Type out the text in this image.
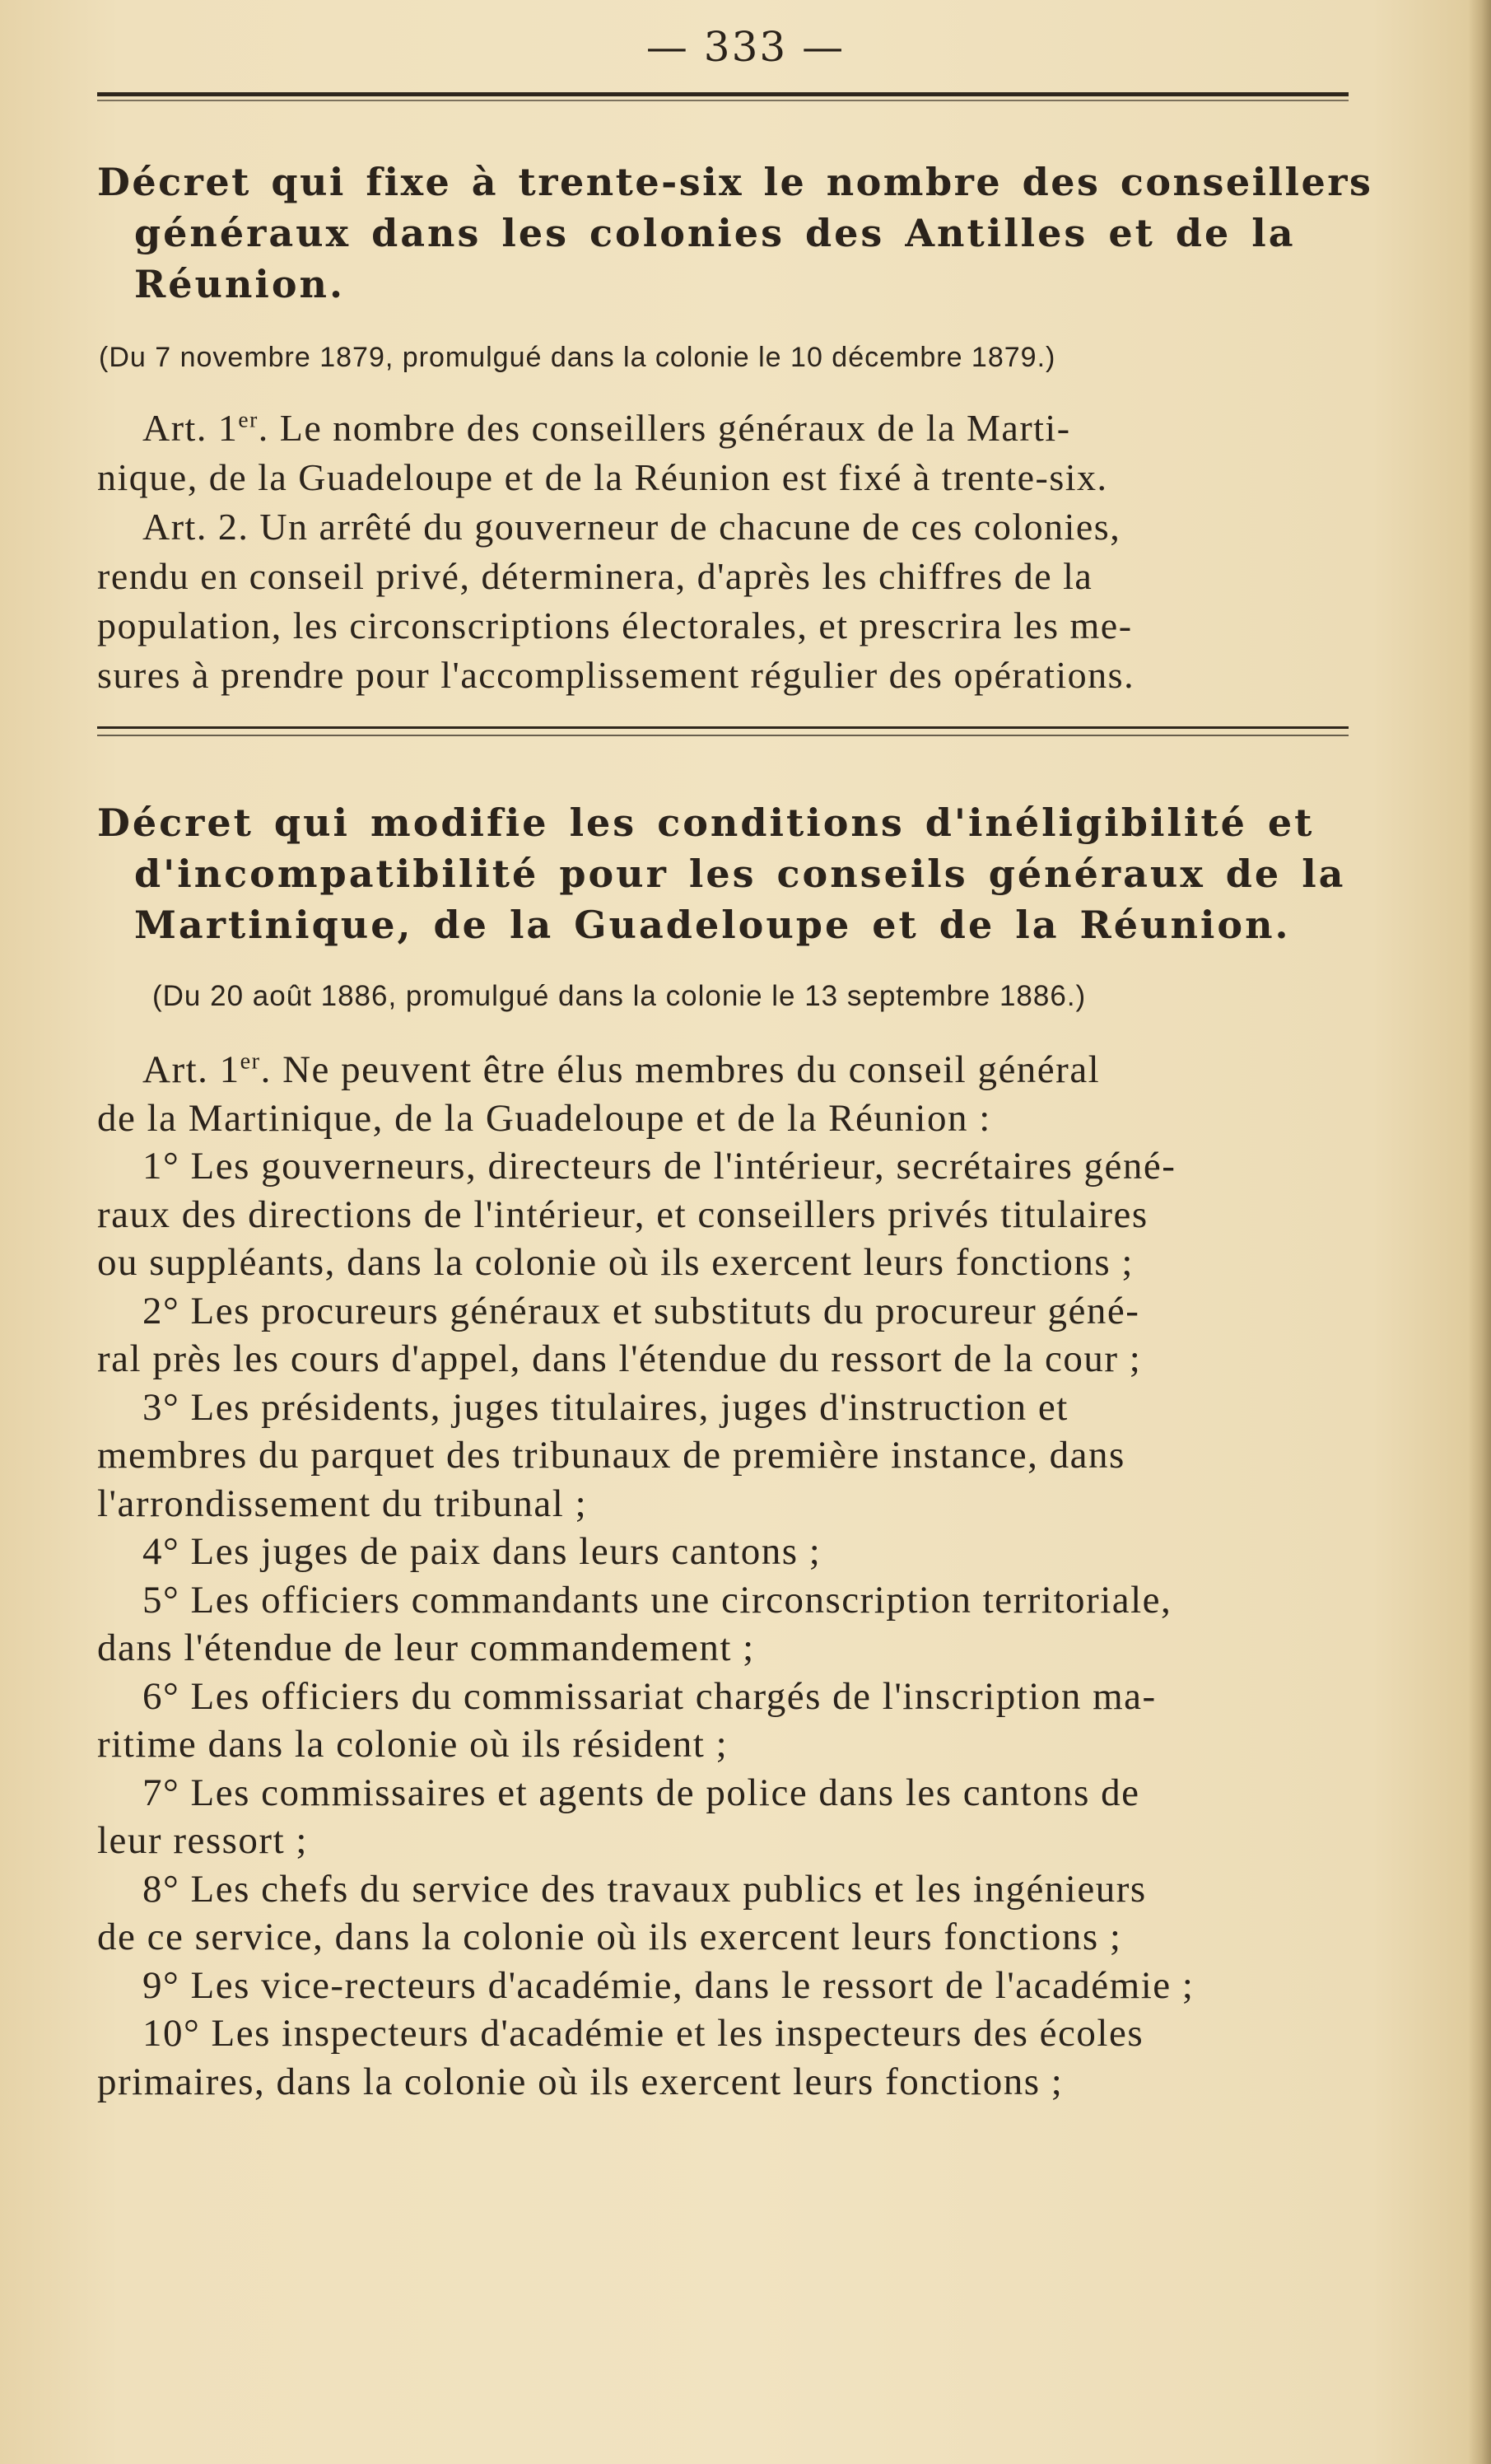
— 333 —
Décret qui fixe à trente-six le nombre des conseillers
généraux dans les colonies des Antilles et de la
Réunion.
(Du 7 novembre 1879, promulgué dans la colonie le 10 décembre 1879.)
Art. 1er. Le nombre des conseillers généraux de la Marti-
nique, de la Guadeloupe et de la Réunion est fixé à trente-six.
Art. 2. Un arrêté du gouverneur de chacune de ces colonies,
rendu en conseil privé, déterminera, d'après les chiffres de la
population, les circonscriptions électorales, et prescrira les me-
sures à prendre pour l'accomplissement régulier des opérations.
Décret qui modifie les conditions d'inéligibilité et
d'incompatibilité pour les conseils généraux de la
Martinique, de la Guadeloupe et de la Réunion.
(Du 20 août 1886, promulgué dans la colonie le 13 septembre 1886.)
Art. 1er. Ne peuvent être élus membres du conseil général
de la Martinique, de la Guadeloupe et de la Réunion :
1° Les gouverneurs, directeurs de l'intérieur, secrétaires géné-
raux des directions de l'intérieur, et conseillers privés titulaires
ou suppléants, dans la colonie où ils exercent leurs fonctions ;
2° Les procureurs généraux et substituts du procureur géné-
ral près les cours d'appel, dans l'étendue du ressort de la cour ;
3° Les présidents, juges titulaires, juges d'instruction et
membres du parquet des tribunaux de première instance, dans
l'arrondissement du tribunal ;
4° Les juges de paix dans leurs cantons ;
5° Les officiers commandants une circonscription territoriale,
dans l'étendue de leur commandement ;
6° Les officiers du commissariat chargés de l'inscription ma-
ritime dans la colonie où ils résident ;
7° Les commissaires et agents de police dans les cantons de
leur ressort ;
8° Les chefs du service des travaux publics et les ingénieurs
de ce service, dans la colonie où ils exercent leurs fonctions ;
9° Les vice-recteurs d'académie, dans le ressort de l'académie ;
10° Les inspecteurs d'académie et les inspecteurs des écoles
primaires, dans la colonie où ils exercent leurs fonctions ;
